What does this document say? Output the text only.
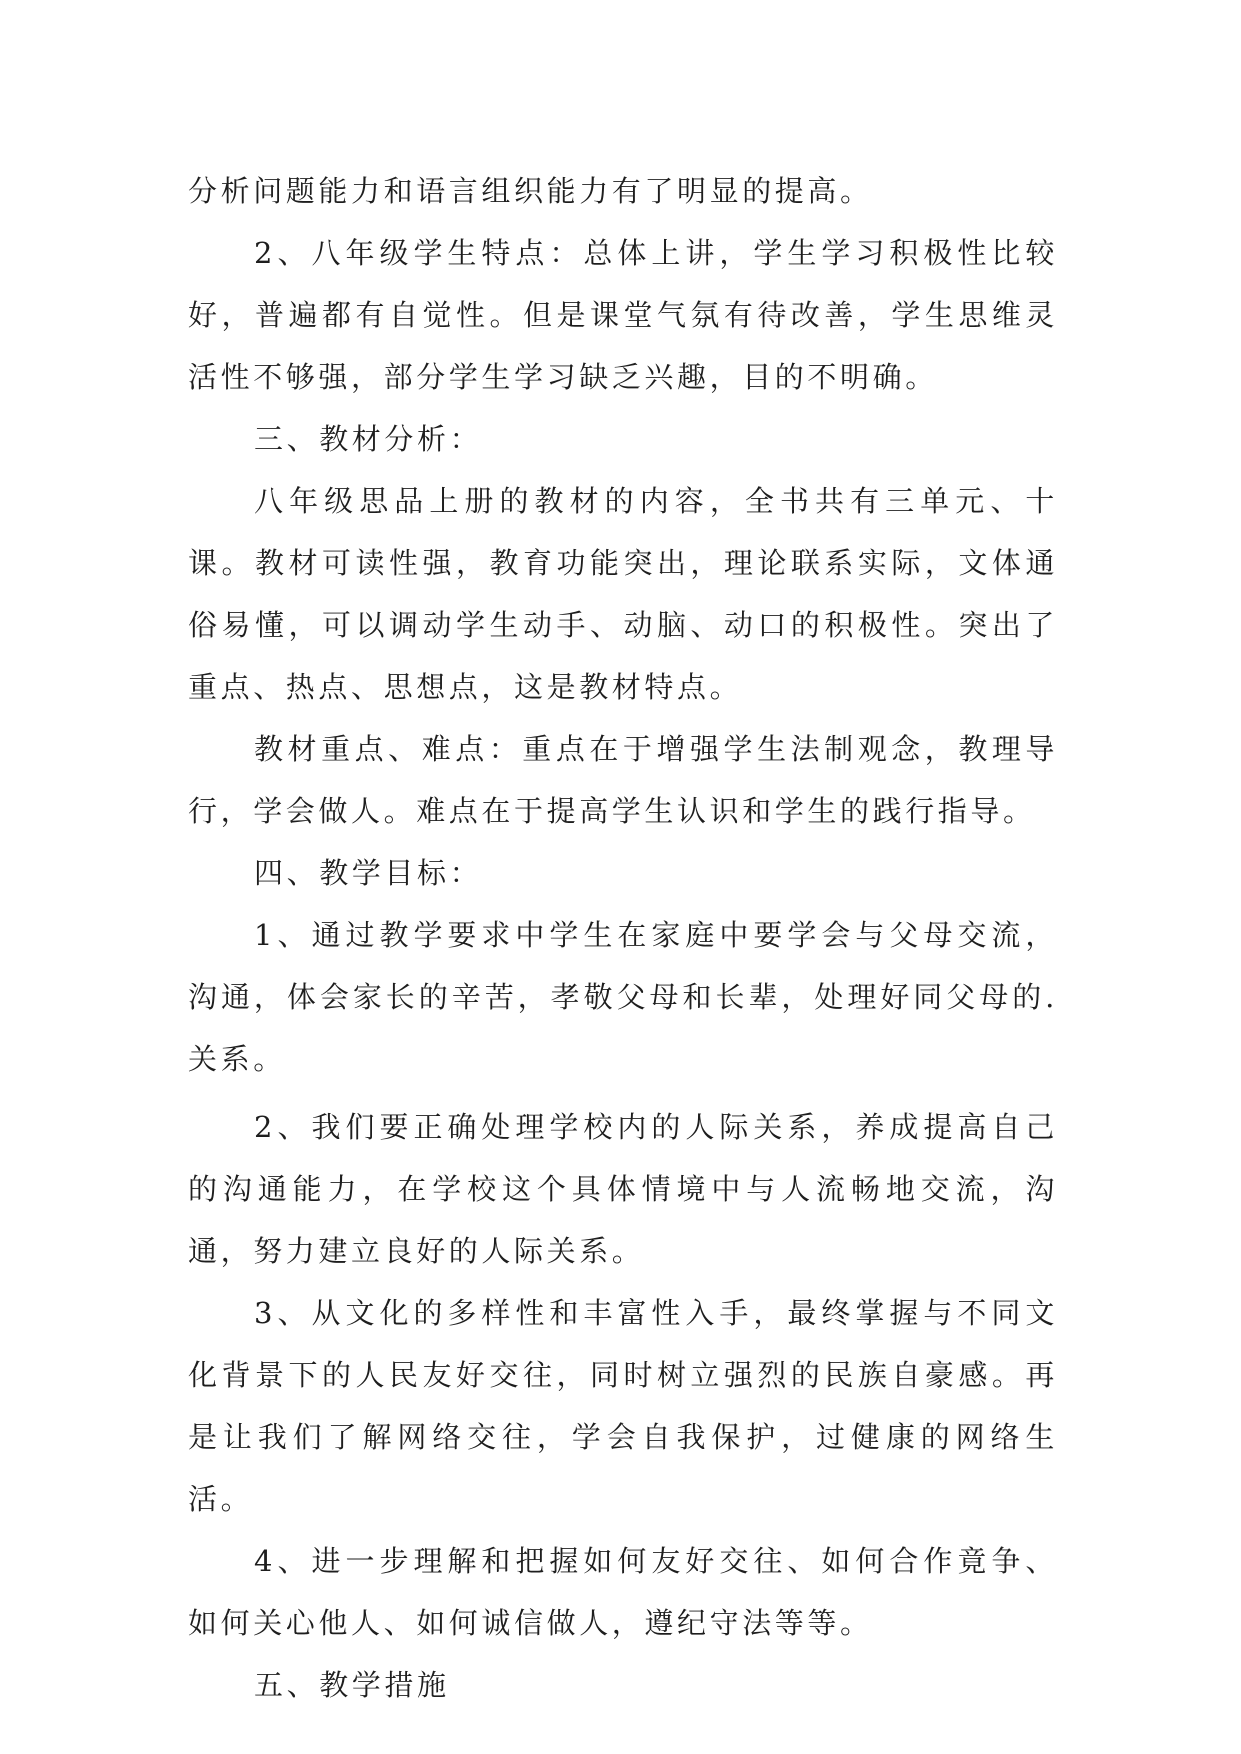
分析问题能力和语言组织能力有了明显的提高。

2、八年级学生特点：总体上讲，学生学习积极性比较好，普遍都有自觉性。但是课堂气氛有待改善，学生思维灵活性不够强，部分学生学习缺乏兴趣，目的不明确。

三、教材分析：

八年级思品上册的教材的内容，全书共有三单元、十课。教材可读性强，教育功能突出，理论联系实际，文体通俗易懂，可以调动学生动手、动脑、动口的积极性。突出了重点、热点、思想点，这是教材特点。

教材重点、难点：重点在于增强学生法制观念，教理导行，学会做人。难点在于提高学生认识和学生的践行指导。

四、教学目标：

1、通过教学要求中学生在家庭中要学会与父母交流，沟通，体会家长的辛苦，孝敬父母和长辈，处理好同父母的.关系。

2、我们要正确处理学校内的人际关系，养成提高自己的沟通能力，在学校这个具体情境中与人流畅地交流，沟通，努力建立良好的人际关系。

3、从文化的多样性和丰富性入手，最终掌握与不同文化背景下的人民友好交往，同时树立强烈的民族自豪感。再是让我们了解网络交往，学会自我保护，过健康的网络生活。

4、进一步理解和把握如何友好交往、如何合作竟争、如何关心他人、如何诚信做人，遵纪守法等等。

五、教学措施
